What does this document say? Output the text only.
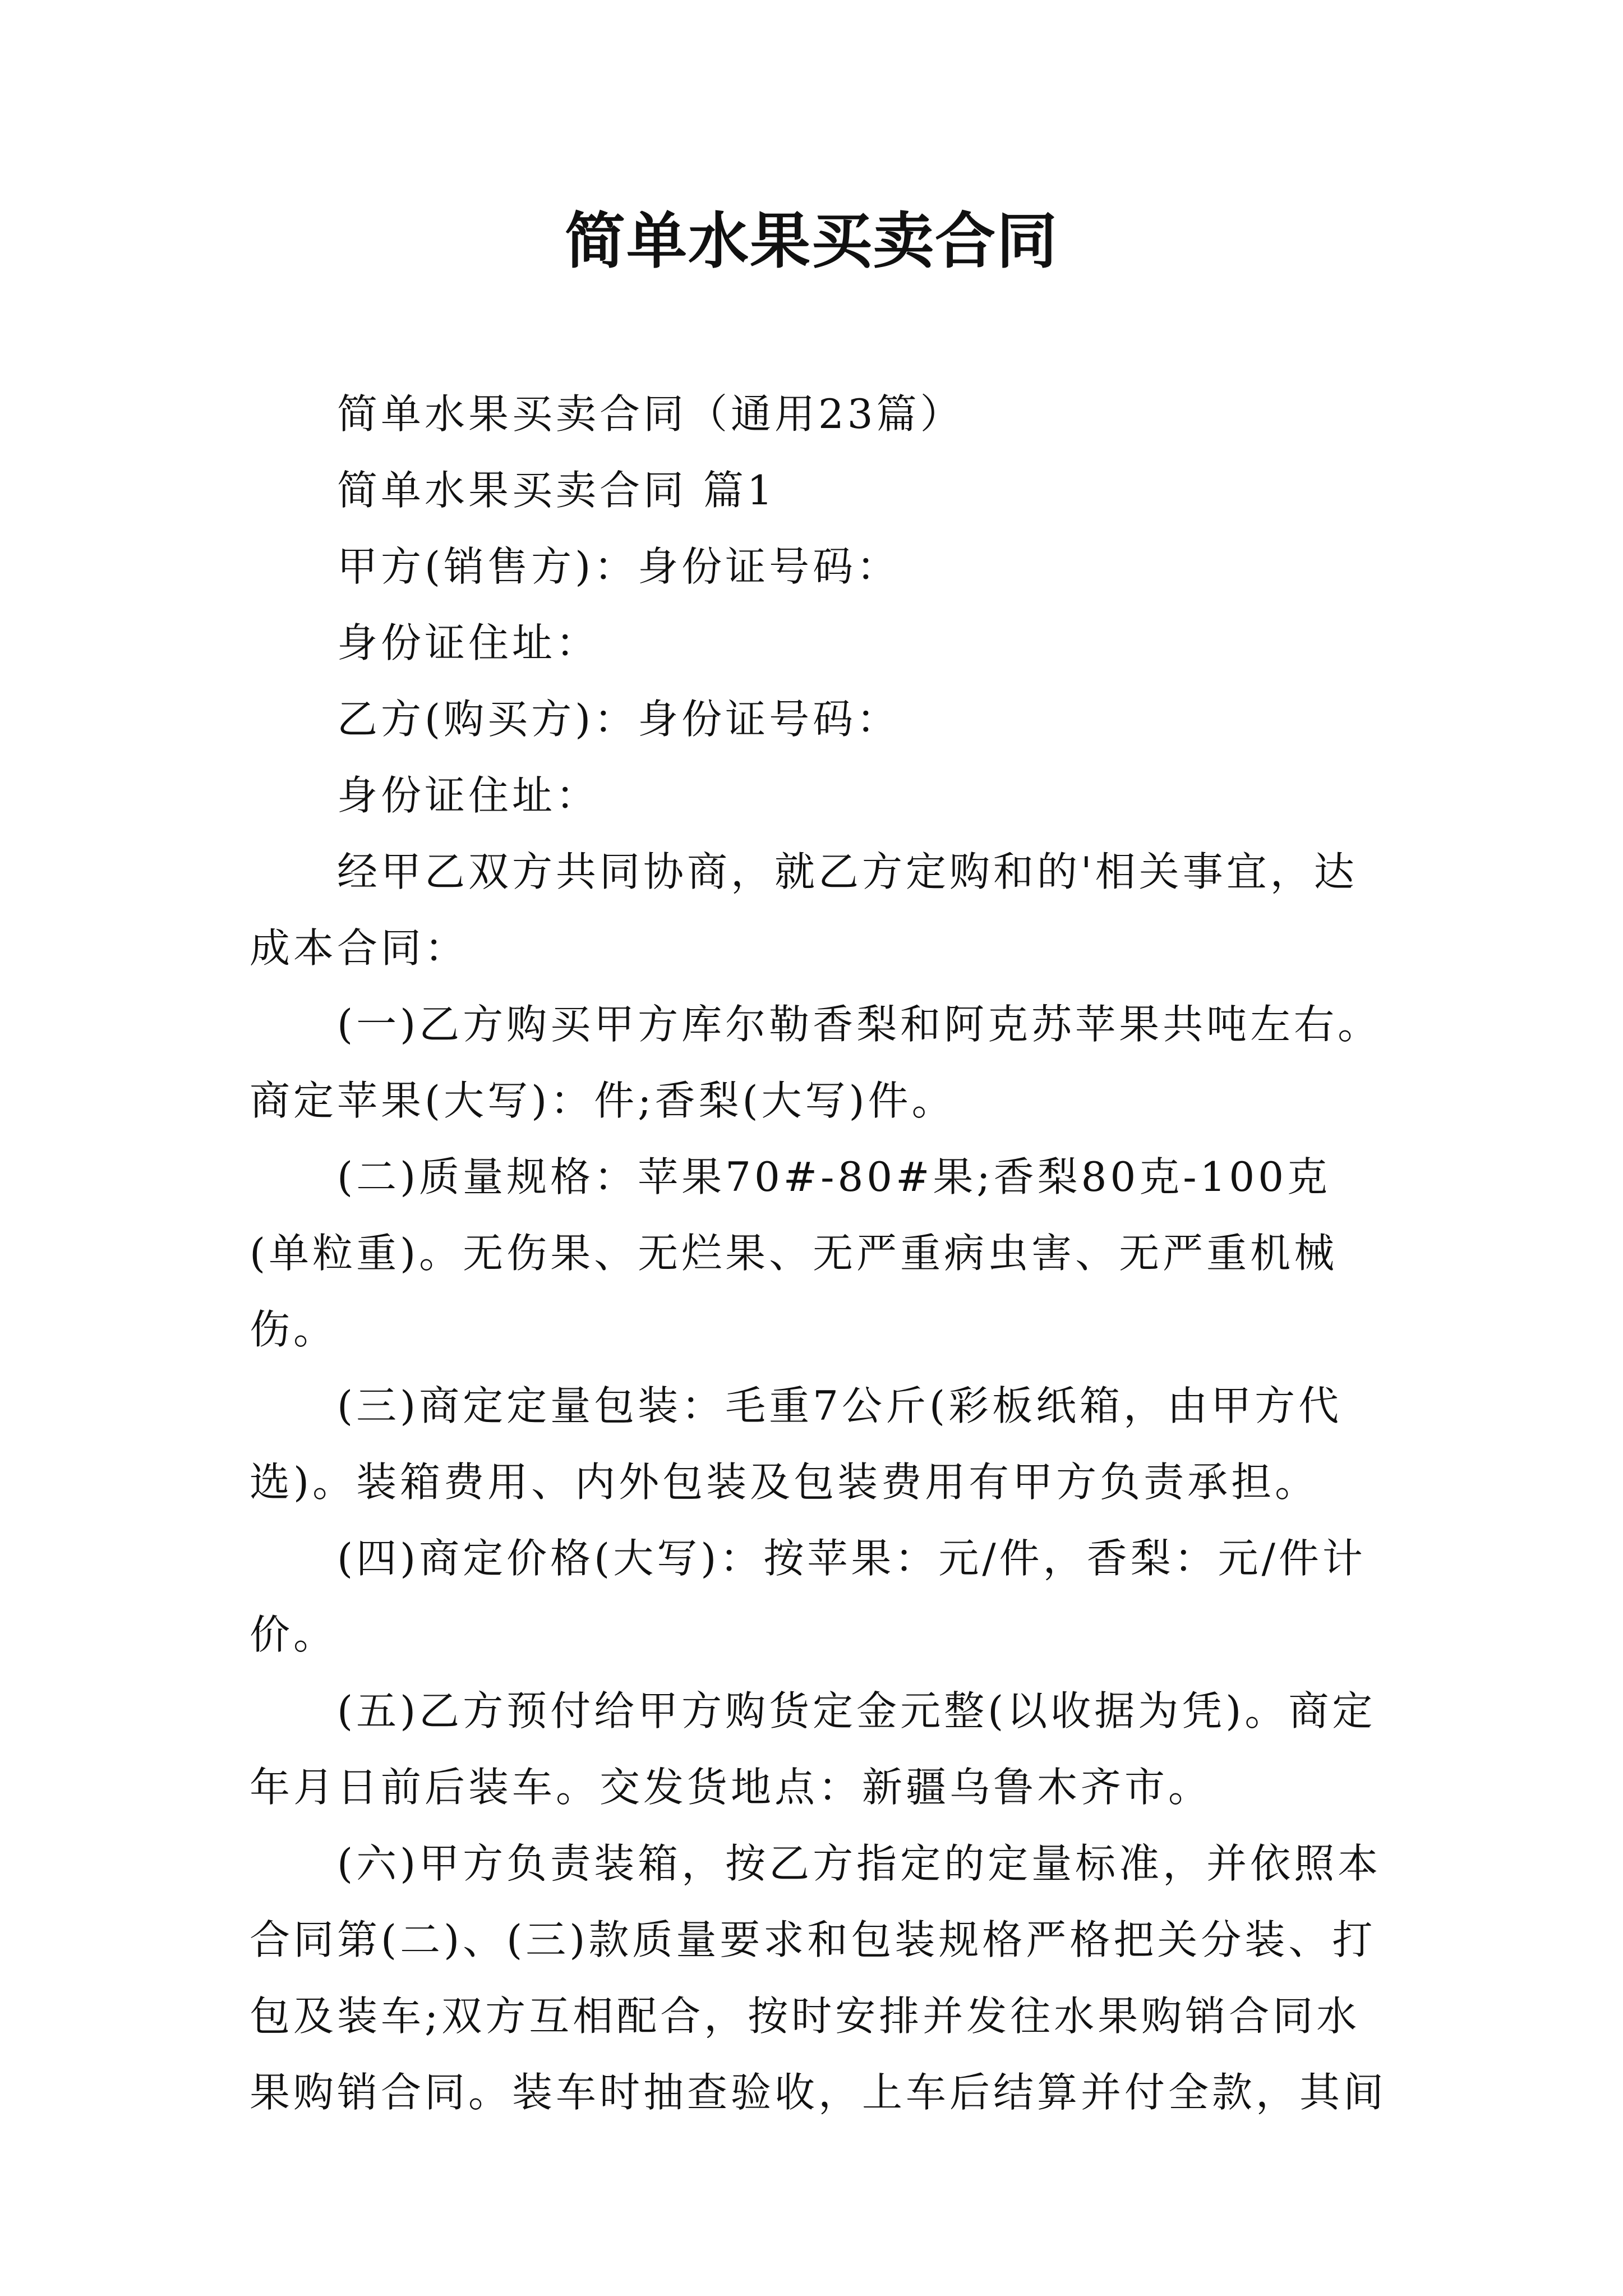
简单水果买卖合同

简单水果买卖合同（通用23篇）

简单水果买卖合同 篇1

甲方(销售方)：身份证号码：

身份证住址：

乙方(购买方)：身份证号码：

身份证住址：

经甲乙双方共同协商，就乙方定购和的'相关事宜，达成本合同：

(一)乙方购买甲方库尔勒香梨和阿克苏苹果共吨左右。商定苹果(大写)：件;香梨(大写)件。

(二)质量规格：苹果70#-80#果;香梨80克-100克(单粒重)。无伤果、无烂果、无严重病虫害、无严重机械伤。

(三)商定定量包装：毛重7公斤(彩板纸箱，由甲方代选)。装箱费用、内外包装及包装费用有甲方负责承担。

(四)商定价格(大写)：按苹果：元/件，香梨：元/件计价。

(五)乙方预付给甲方购货定金元整(以收据为凭)。商定年月日前后装车。交发货地点：新疆乌鲁木齐市。

(六)甲方负责装箱，按乙方指定的定量标准，并依照本合同第(二)、(三)款质量要求和包装规格严格把关分装、打包及装车;双方互相配合，按时安排并发往水果购销合同水果购销合同。装车时抽查验收，上车后结算并付全款，其间
